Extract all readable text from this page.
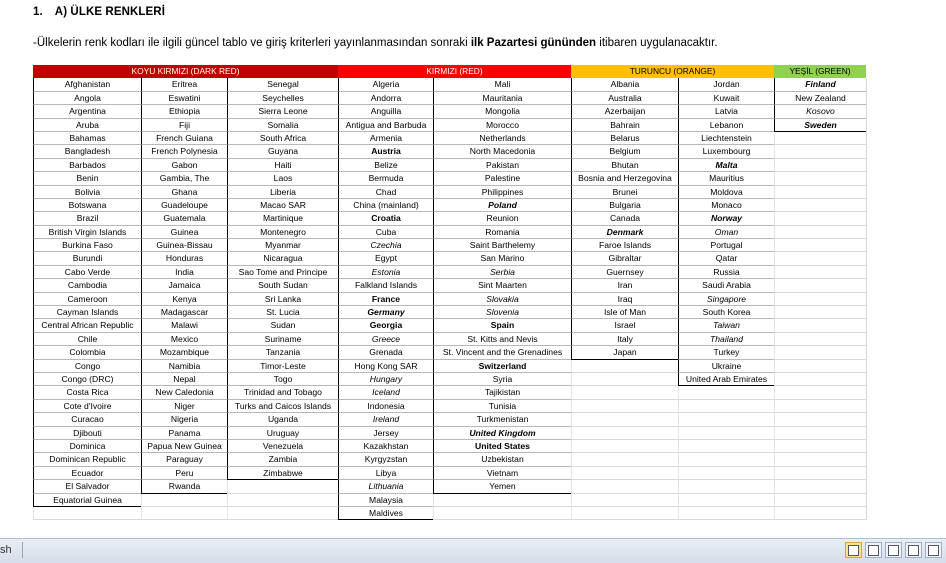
1. A) ÜLKE RENKLERİ
-Ülkelerin renk kodları ile ilgili güncel tablo ve giriş kriterleri yayınlanmasından sonraki ilk Pazartesi gününden itibaren uygulanacaktır.
KOYU KIRMIZI (DARK RED)
Afghanistan
Angola
Argentina
Aruba
Bahamas
Bangladesh
Barbados
Benin
Bolivia
Botswana
Brazil
British Virgin Islands
Burkina Faso
Burundi
Cabo Verde
Cambodia
Cameroon
Cayman Islands
Central African Republic
Chile
Colombia
Congo
Congo (DRC)
Costa Rica
Cote d'Ivoire
Curacao
Djibouti
Dominica
Dominican Republic
Ecuador
El Salvador
Equatorial Guinea
Eritrea
Eswatini
Ethiopia
Fiji
French Guiana
French Polynesia
Gabon
Gambia, The
Ghana
Guadeloupe
Guatemala
Guinea
Guinea-Bissau
Honduras
India
Jamaica
Kenya
Madagascar
Malawi
Mexico
Mozambique
Namibia
Nepal
New Caledonia
Niger
Nigeria
Panama
Papua New Guinea
Paraguay
Peru
Rwanda
Senegal
Seychelles
Sierra Leone
Somalia
South Africa
Guyana
Haiti
Laos
Liberia
Macao SAR
Martinique
Montenegro
Myanmar
Nicaragua
Sao Tome and Principe
South Sudan
Sri Lanka
St. Lucia
Sudan
Suriname
Tanzania
Timor-Leste
Togo
Trinidad and Tobago
Turks and Caicos Islands
Uganda
Uruguay
Venezuela
Zambia
Zimbabwe
KIRMIZI (RED)
Algeria
Andorra
Anguilla
Antigua and Barbuda
Armenia
Austria
Belize
Bermuda
Chad
China (mainland)
Croatia
Cuba
Czechia
Egypt
Estonia
Falkland Islands
France
Germany
Georgia
Greece
Grenada
Hong Kong SAR
Hungary
Iceland
Indonesia
Ireland
Jersey
Kazakhstan
Kyrgyzstan
Libya
Lithuania
Malaysia
Maldives
Mali
Mauritania
Mongolia
Morocco
Netherlands
North Macedonia
Pakistan
Palestine
Philippines
Poland
Reunion
Romania
Saint Barthelemy
San Marino
Serbia
Sint Maarten
Slovakia
Slovenia
Spain
St. Kitts and Nevis
St. Vincent and the Grenadines
Switzerland
Syria
Tajikistan
Tunisia
Turkmenistan
United Kingdom
United States
Uzbekistan
Vietnam
Yemen
TURUNCU (ORANGE)
Albania
Australia
Azerbaijan
Bahrain
Belarus
Belgium
Bhutan
Bosnia and Herzegovina
Brunei
Bulgaria
Canada
Denmark
Faroe Islands
Gibraltar
Guernsey
Iran
Iraq
Isle of Man
Israel
Italy
Japan
Jordan
Kuwait
Latvia
Lebanon
Liechtenstein
Luxembourg
Malta
Mauritius
Moldova
Monaco
Norway
Oman
Portugal
Qatar
Russia
Saudi Arabia
Singapore
South Korea
Taiwan
Thailand
Turkey
Ukraine
United Arab Emirates
YEŞİL (GREEN)
Finland
New Zealand
Kosovo
Sweden
sh
